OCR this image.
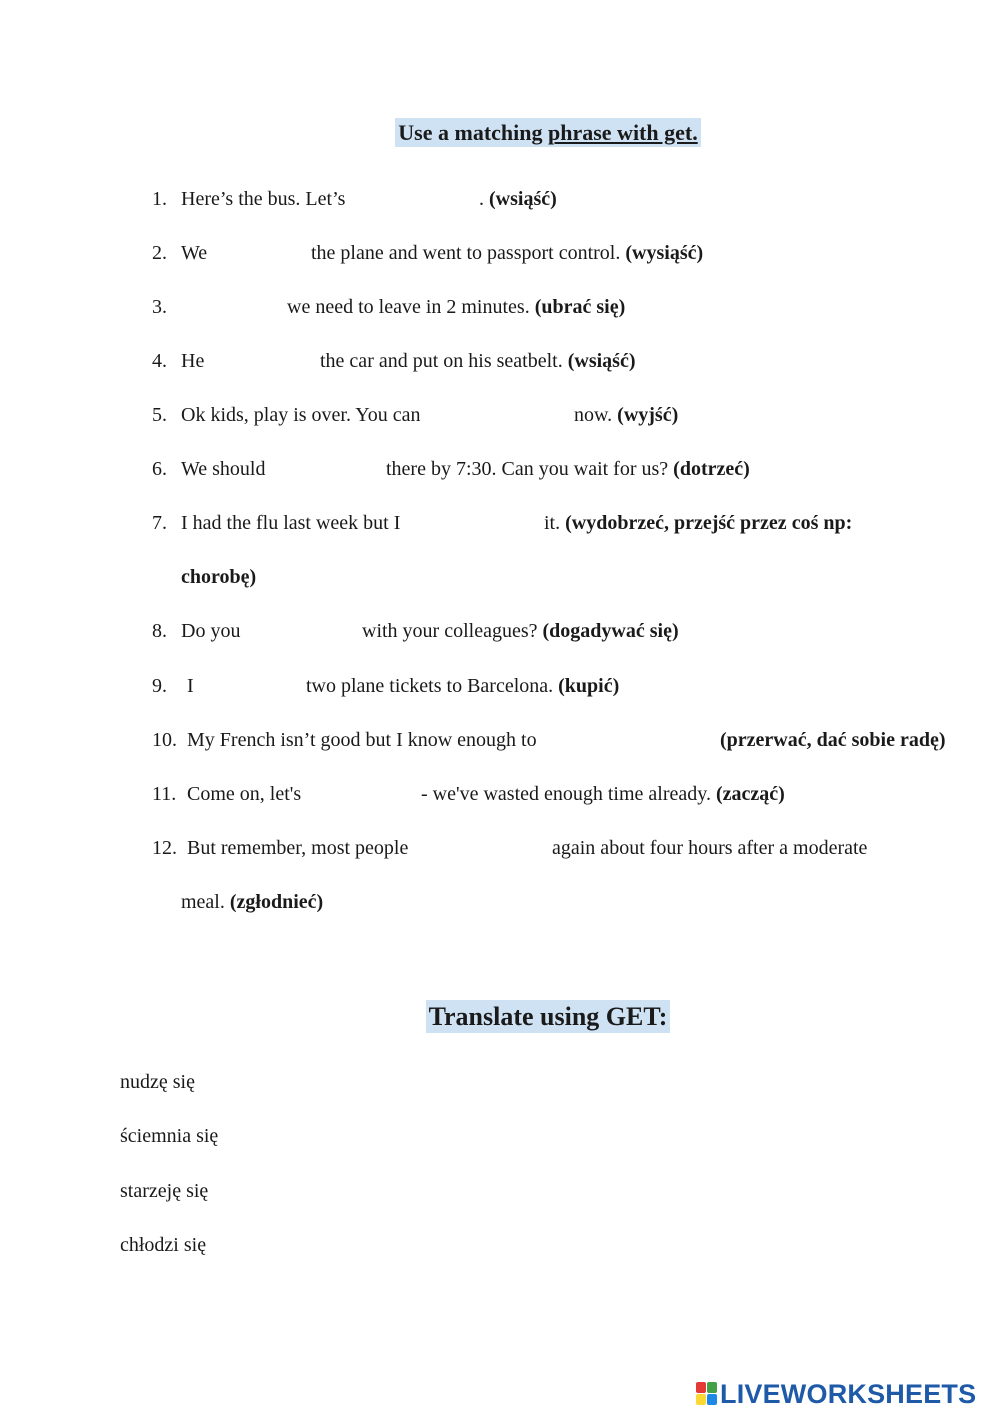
Use a matching phrase with get.
1. Here’s the bus. Let’s	. (wsiąść)
2. We	the plane and went to passport control. (wysiąść)
3.	we need to leave in 2 minutes. (ubrać się)
4. He	the car and put on his seatbelt. (wsiąść)
5. Ok kids, play is over. You can	now. (wyjść)
6. We should	there by 7:30. Can you wait for us? (dotrzeć)
7. I had the flu last week but I	it. (wydobrzeć, przejść przez coś np:
chorobę)
8. Do you	with your colleagues? (dogadywać się)
9. I	two plane tickets to Barcelona. (kupić)
10. My French isn’t good but I know enough to	(przerwać, dać sobie radę)
11. Come on, let's	- we've wasted enough time already. (zacząć)
12. But remember, most people	again about four hours after a moderate
meal. (zgłodnieć)
Translate using GET:
nudzę się
ściemnia się
starzeję się
chłodzi się
LIVEWORKSHEETS
